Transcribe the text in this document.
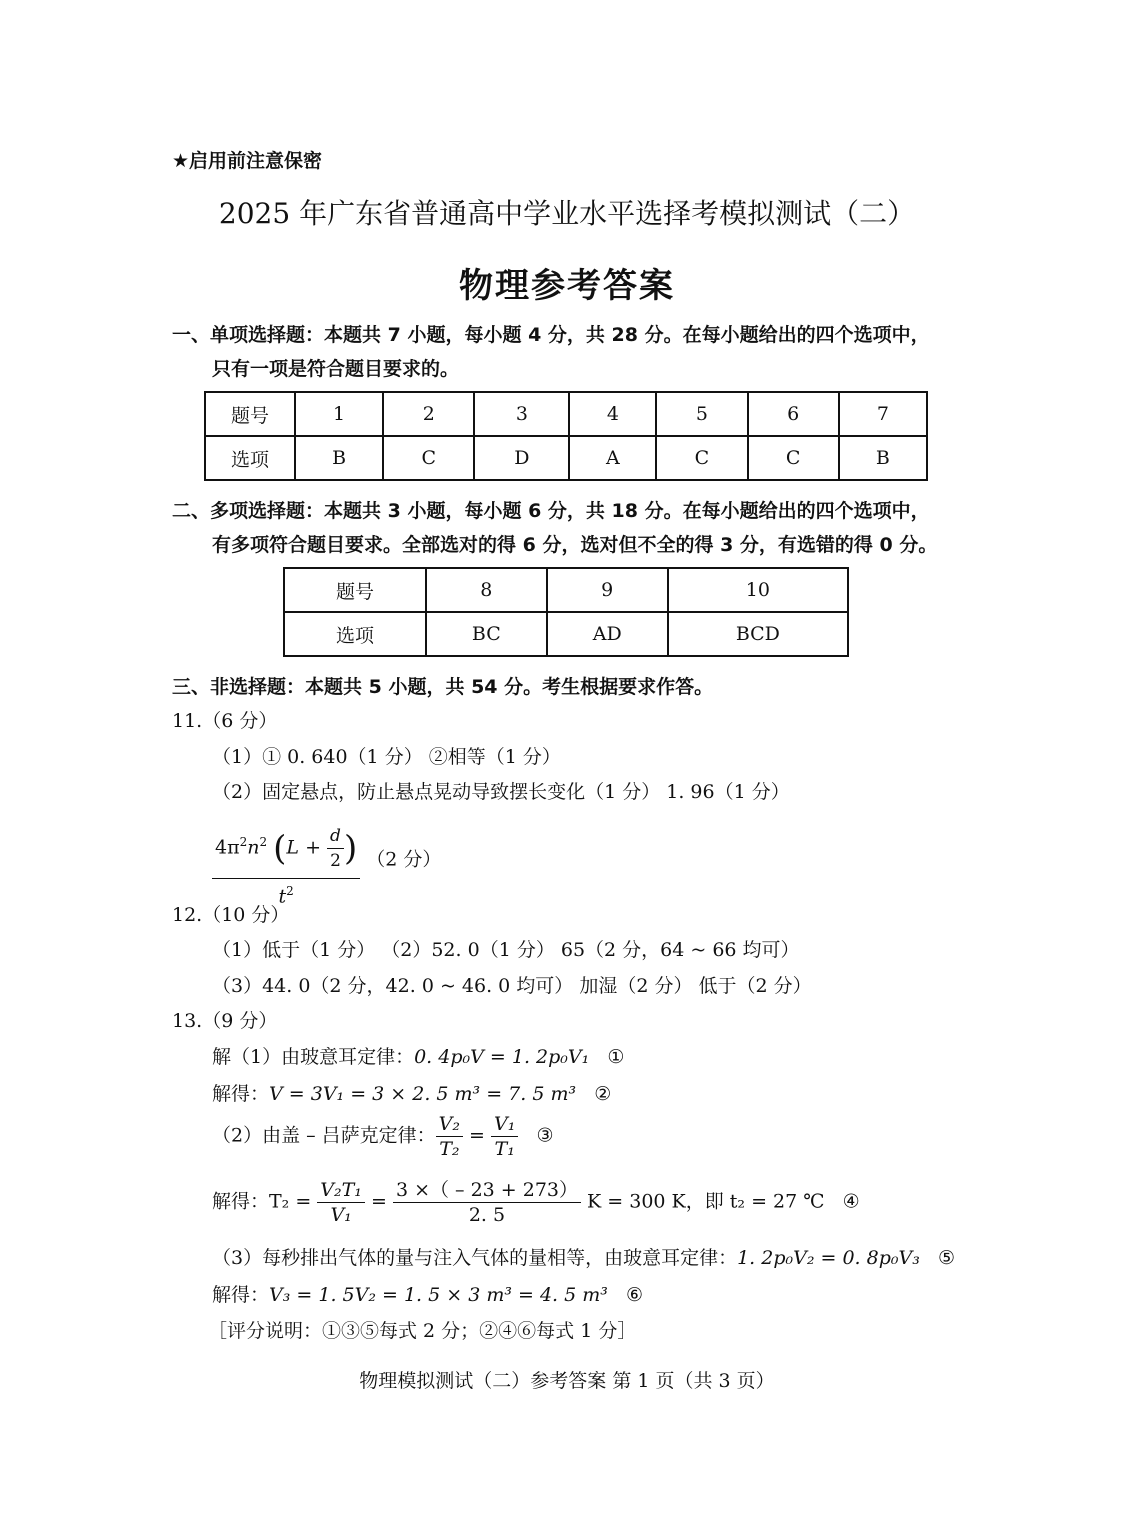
★启用前注意保密
2025 年广东省普通高中学业水平选择考模拟测试（二）
物理参考答案
一、单项选择题：本题共 7 小题，每小题 4 分，共 28 分。在每小题给出的四个选项中，
只有一项是符合题目要求的。
题号	1	2	3	4	5	6	7
选项	B	C	D	A	C	C	B
二、多项选择题：本题共 3 小题，每小题 6 分，共 18 分。在每小题给出的四个选项中，
有多项符合题目要求。全部选对的得 6 分，选对但不全的得 3 分，有选错的得 0 分。
题号	8	9	10
选项	BC	AD	BCD
三、非选择题：本题共 5 小题，共 54 分。考生根据要求作答。
11.（6 分）
（1）① 0. 640（1 分） ②相等（1 分）
（2）固定悬点，防止悬点晃动导致摆长变化（1 分） 1. 96（1 分）
$\frac{4\pi^2n^2 (L + \frac{d}{2} )}{t^2} (2$ 分）
12.（10 分）
（1）低于（1 分） （2）52. 0（1 分） 65（2 分，64 ~ 66 均可）
（3）44. 0（2 分，42. 0 ~ 46. 0 均可） 加湿（2 分） 低于（2 分）
13.（9 分）
解（1）由玻意耳定律：0. 4p₀V = 1. 2p₀V₁ ①
解得：V = 3V₁ = 3 × 2. 5 m³ = 7. 5 m³ ②
（2）由盖 – 吕萨克定律： $\frac{\text{V₂}}{\text{T₂}} = \frac{\text{V₁}}{\text{T₁}}$ ③
解得：$T_2 = \frac{\text{V₂T₁}}{\text{V₁}} = \frac{3 \times( - 23 + 273)}{2. 5}$ K = 300 K，即 t₂ = 27 ℃ ④
（3）每秒排出气体的量与注入气体的量相等，由玻意耳定律：1. 2p₀V₂ = 0. 8p₀V₃ ⑤
解得：V₃ = 1. 5V₂ = 1. 5 × 3 m³ = 4. 5 m³ ⑥
［评分说明：①③⑤每式 2 分；②④⑥每式 1 分］
物理模拟测试（二）参考答案 第 1 页（共 3 页）
